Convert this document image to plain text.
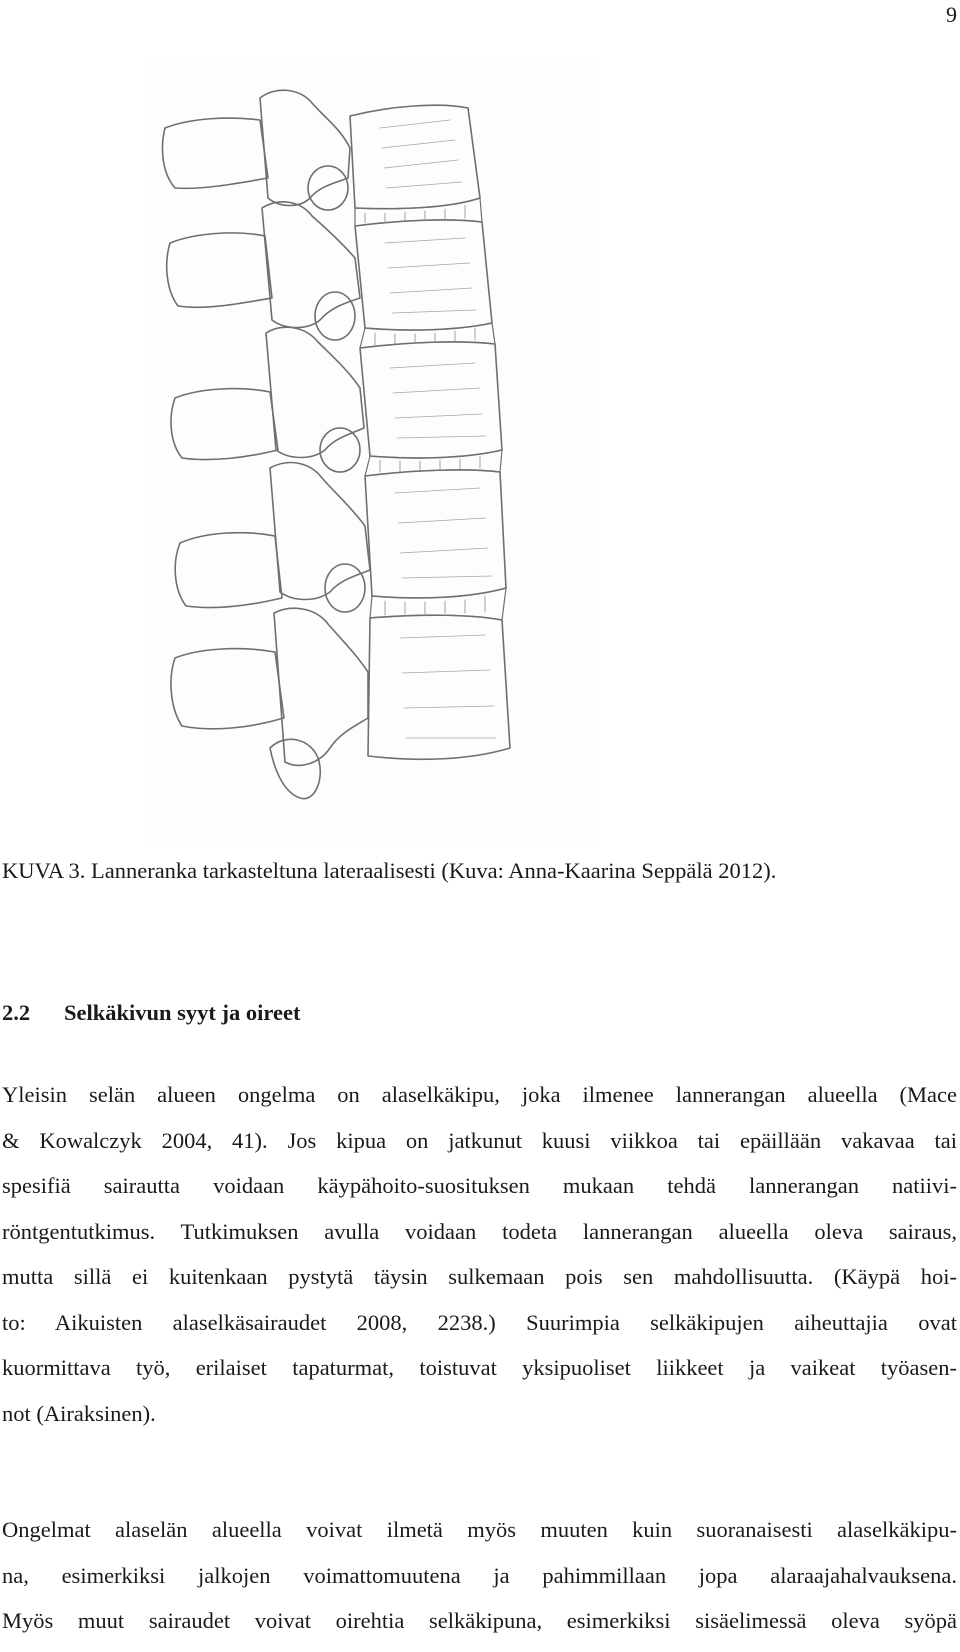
9
KUVA 3. Lanneranka tarkasteltuna lateraalisesti (Kuva: Anna-Kaarina Seppälä 2012).
2.2 Selkäkivun syyt ja oireet
Yleisin selän alueen ongelma on alaselkäkipu, joka ilmenee lannerangan alueella (Mace
& Kowalczyk 2004, 41). Jos kipua on jatkunut kuusi viikkoa tai epäillään vakavaa tai
spesifiä sairautta voidaan käypähoito-suosituksen mukaan tehdä lannerangan natiivi-
röntgentutkimus. Tutkimuksen avulla voidaan todeta lannerangan alueella oleva sairaus,
mutta sillä ei kuitenkaan pystytä täysin sulkemaan pois sen mahdollisuutta. (Käypä hoi-
to: Aikuisten alaselkäsairaudet 2008, 2238.) Suurimpia selkäkipujen aiheuttajia ovat
kuormittava työ, erilaiset tapaturmat, toistuvat yksipuoliset liikkeet ja vaikeat työasen-
not (Airaksinen).
Ongelmat alaselän alueella voivat ilmetä myös muuten kuin suoranaisesti alaselkäkipu-
na, esimerkiksi jalkojen voimattomuutena ja pahimmillaan jopa alaraajahalvauksena.
Myös muut sairaudet voivat oirehtia selkäkipuna, esimerkiksi sisäelimessä oleva syöpä
